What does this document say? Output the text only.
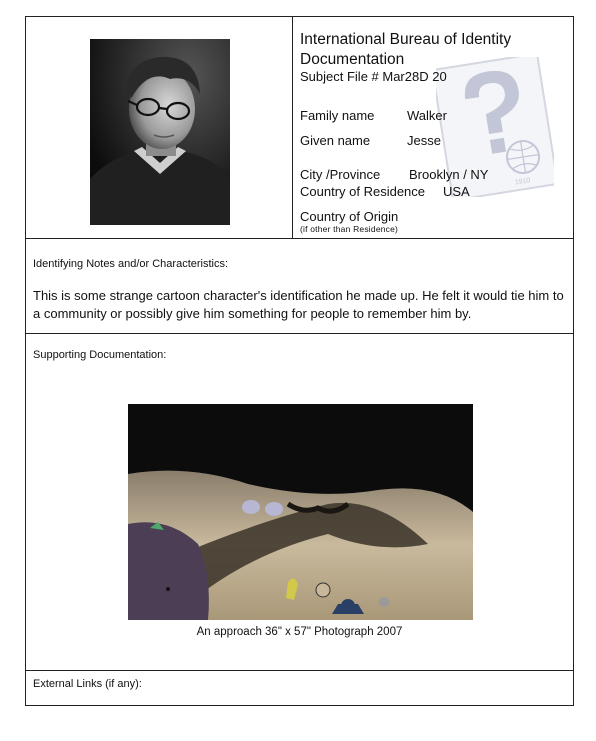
1910
International Bureau of Identity Documentation
Subject File # Mar28D 20
Family name	Walker
Given name	Jesse
City /Province Brooklyn / NY
Country of Residence USA
Country of Origin
(if other than Residence)
Identifying Notes and/or Characteristics:
This is some strange cartoon character's identification he made up. He felt it would tie him to a community or possibly give him something for people to remember him by.
Supporting Documentation:
An approach 36" x 57" Photograph 2007
External Links (if any):
